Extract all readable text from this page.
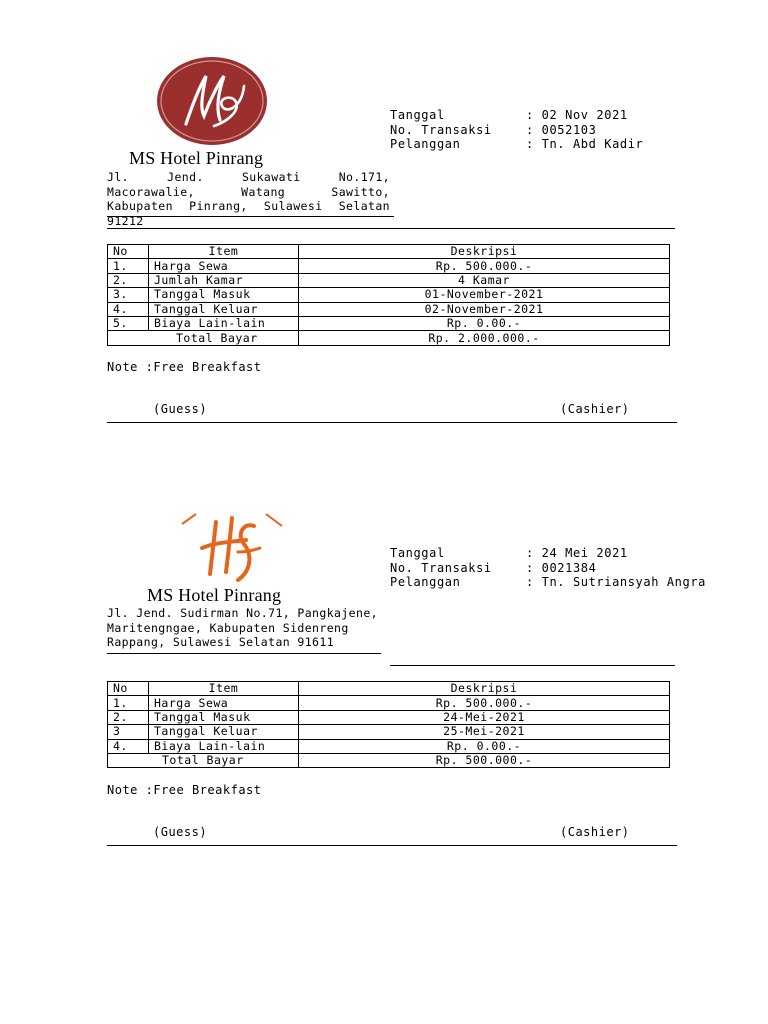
MS Hotel Pinrang
Jl. Jend. Sukawati No.171,
Macorawalie, Watang Sawitto,
Kabupaten Pinrang, Sulawesi Selatan
91212
Tanggal	: 02 Nov 2021
No. Transaksi	: 0052103
Pelanggan	: Tn. Abd Kadir
No	Item	Deskripsi
1.	Harga Sewa	Rp. 500.000.-
2.	Jumlah Kamar	4 Kamar
3.	Tanggal Masuk	01-November-2021
4.	Tanggal Keluar	02-November-2021
5.	Biaya Lain-lain	Rp. 0.00.-
Total Bayar		Rp. 2.000.000.-
Note :Free Breakfast
(Guess)	(Cashier)
MS Hotel Pinrang
Jl. Jend. Sudirman No.71, Pangkajene,
Maritengngae, Kabupaten Sidenreng
Rappang, Sulawesi Selatan 91611
Tanggal	: 24 Mei 2021
No. Transaksi	: 0021384
Pelanggan	: Tn. Sutriansyah Angra
No	Item	Deskripsi
1.	Harga Sewa	Rp. 500.000.-
2.	Tanggal Masuk	24-Mei-2021
3	Tanggal Keluar	25-Mei-2021
4.	Biaya Lain-lain	Rp. 0.00.-
Total Bayar		Rp. 500.000.-
Note :Free Breakfast
(Guess)	(Cashier)
